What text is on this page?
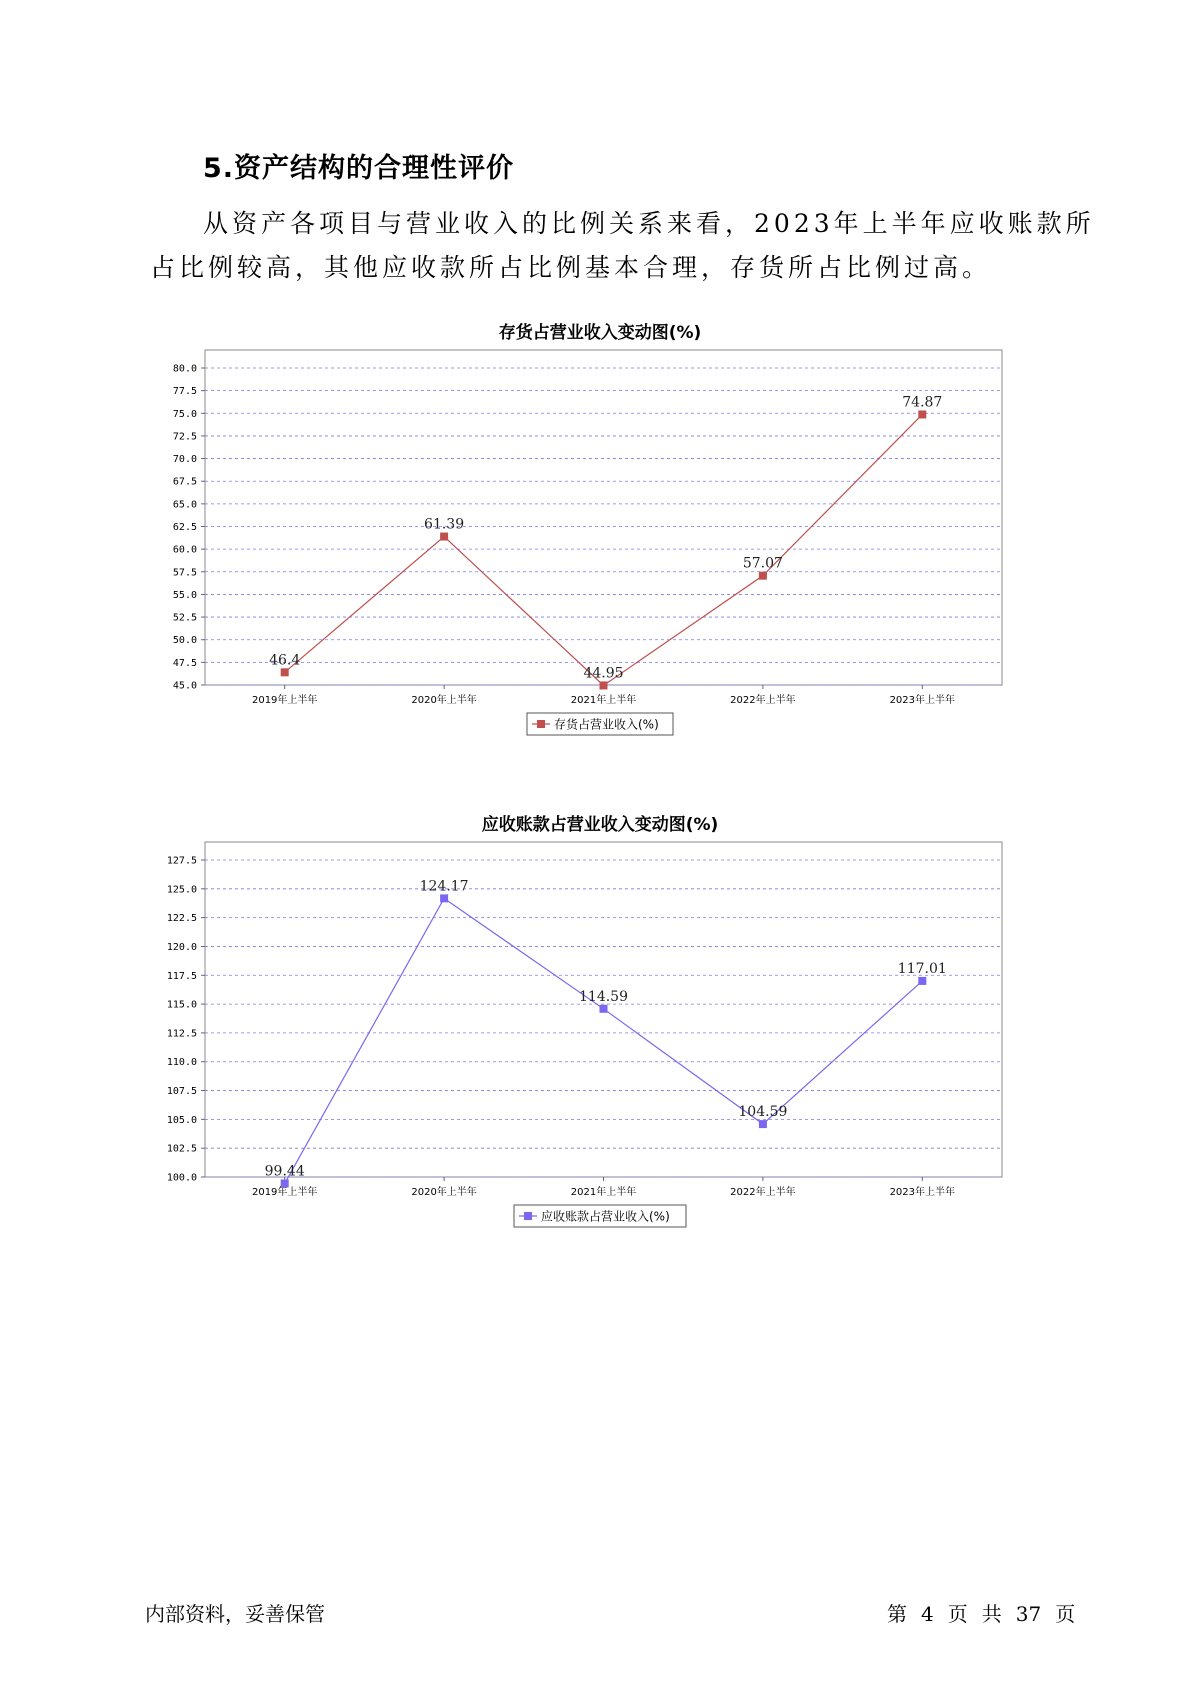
5.资产结构的合理性评价
从资产各项目与营业收入的比例关系来看，2023年上半年应收账款所
占比例较高，其他应收款所占比例基本合理，存货所占比例过高。
存货占营业收入变动图(%)
45.0
47.5
50.0
52.5
55.0
57.5
60.0
62.5
65.0
67.5
70.0
72.5
75.0
77.5
80.0
2019年上半年	2020年上半年	2021年上半年	2022年上半年	2023年上半年
46.4
61.39
44.95
57.07
74.87
存货占营业收入(%)
应收账款占营业收入变动图(%)
100.0
102.5
105.0
107.5
110.0
112.5
115.0
117.5
120.0
122.5
125.0
127.5
2019年上半年	2020年上半年	2021年上半年	2022年上半年	2023年上半年
99.44
124.17
114.59
104.59
117.01
应收账款占营业收入(%)
内部资料，妥善保管	第 4 页 共 37 页
